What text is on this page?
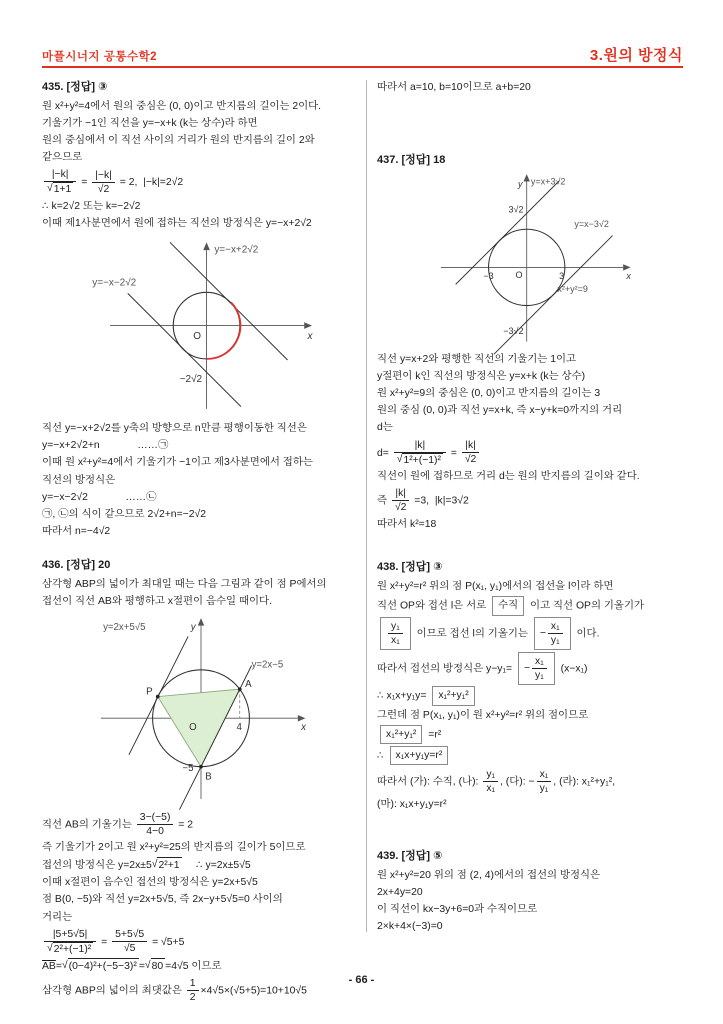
마플시너지 공통수학2	3.원의 방정식
435. [정답] ③
원 x²+y²=4에서 원의 중심은 (0, 0)이고 반지름의 길이는 2이다.
기울기가 −1인 직선을 y=−x+k (k는 상수)라 하면
원의 중심에서 이 직선 사이의 거리가 원의 반지름의 길이 2와
같으므로
$\frac{|-k|}{√ 1+1} = \frac{|-k|}{√2} = 2$,  |−k|=2√2
∴ k=2√2 또는 k=−2√2
이때 제1사분면에서 원에 접하는 직선의 방정식은 y=−x+2√2
y=−x+2√2
y=−x−2√2
O	x
−2√2
직선 y=−x+2√2를 y축의 방향으로 n만큼 평행이동한 직선은
y=−x+2√2+n             ……㉠
이때 원 x²+y²=4에서 기울기가 −1이고 제3사분면에서 접하는
직선의 방정식은
y=−x−2√2             ……㉡
㉠, ㉡의 식이 같으므로 2√2+n=−2√2
따라서 n=−4√2
436. [정답] 20
삼각형 ABP의 넓이가 최대일 때는 다음 그림과 같이 점 P에서의
접선이 직선 AB와 평행하고 x절편이 음수일 때이다.
y=2x+5√5
y=2x−5
P
A
B
O	4
−5
x
y
직선 AB의 기울기는 $\frac{3-(-5)}{4-0} = 2$
즉 기울기가 2이고 원 x²+y²=25의 반지름의 길이가 5이므로
접선의 방정식은 y=2x±5 √ 2²+1 ∴ y=2x±5√5
이때 x절편이 음수인 접선의 방정식은 y=2x+5√5
점 B(0, −5)와 직선 y=2x+5√5, 즉 2x−y+5√5=0 사이의
거리는
$\frac{|5+5√5|}{\text{√ 2²+(−1)²}} = \frac{5+5√5}{√5} = √5+5$
$\overline{AB}=$ √ (0−4)²+(−5−3)² = √ 80 =4√5 이므로
삼각형 ABP의 넓이의 최댓값은 $\frac{1}{2} \times 4√5\times(√5+5)=10+10√5$
따라서 a=10, b=10이므로 a+b=20
437. [정답] 18
y=x+3√2
y=x−3√2
3√2
−3√2
−3	3
x²+y²=9
O	x
y
직선 y=x+2와 평행한 직선의 기울기는 1이고
y절편이 k인 직선의 방정식은 y=x+k (k는 상수)
원 x²+y²=9의 중심은 (0, 0)이고 반지름의 길이는 3
원의 중심 (0, 0)과 직선 y=x+k, 즉 x−y+k=0까지의 거리
d는
$d= \frac{|k|}{\text{√ 1²+(−1)²}} = \frac{|k|}{√2}$
직선이 원에 접하므로 거리 d는 원의 반지름의 길이와 같다.
즉 $\frac{|k|}{√2} =3$,  |k|=3√2
따라서 k²=18
438. [정답] ③
원 x²+y²=r² 위의 점 P(x₁, y₁)에서의 접선을 l이라 하면
직선 OP와 접선 l은 서로 수직 이고 직선 OP의 기울기가
$\frac{\text{y₁}}{\text{x₁}}$ 이므로 접선 l의 기울기는 − $\frac{\text{x₁}}{\text{y₁}}$ 이다.
따라서 접선의 방정식은 $y-y_1= - \frac{\text{x₁}}{\text{y₁}} (x-x_1)$
∴ x₁x+y₁y= x₁²+y₁²
그런데 점 P(x₁, y₁)이 원 x²+y²=r² 위의 점이므로
x₁²+y₁² =r²
∴ x₁x+y₁y=r²
따라서 (가): 수직, (나): $\frac{\text{y₁}}{\text{x₁}}$ , (다): − $\frac{\text{x₁}}{\text{y₁}}$ , (라): x₁²+y₁²,
(마): x₁x+y₁y=r²
439. [정답] ⑤
원 x²+y²=20 위의 점 (2, 4)에서의 접선의 방정식은
2x+4y=20
이 직선이 kx−3y+6=0과 수직이므로
2×k+4×(−3)=0
- 66 -
